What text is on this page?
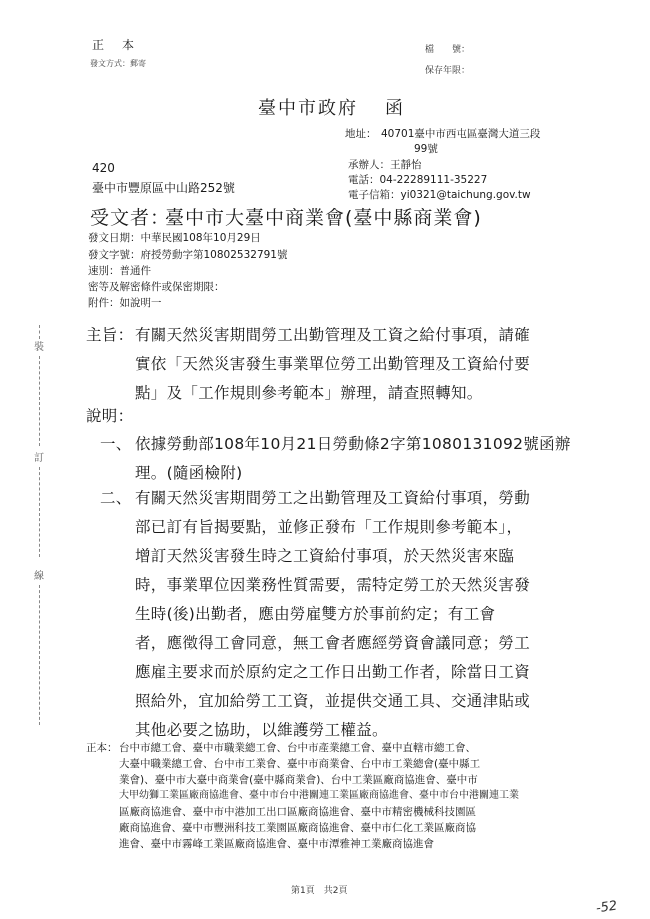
正　本
發文方式：郵寄
檔　　號：
保存年限：
臺中市政府 函
地址： 40701臺中市西屯區臺灣大道三段
99號
承辦人：王靜怡
電話：04-22289111-35227
電子信箱：yi0321@taichung.gov.tw
420
臺中市豐原區中山路252號
受文者：
臺中市大臺中商業會(臺中縣商業會)
發文日期：中華民國108年10月29日
發文字號：府授勞動字第10802532791號
速別：普通件
密等及解密條件或保密期限：
附件：如說明一
裝
訂
線
主旨： 有關天然災害期間勞工出勤管理及工資之給付事項，請確
實依「天然災害發生事業單位勞工出勤管理及工資給付要
點」及「工作規則參考範本」辦理，請查照轉知。
說明：
一、 依據勞動部108年10月21日勞動條2字第1080131092號函辦
理。(隨函檢附)
二、 有關天然災害期間勞工之出勤管理及工資給付事項，勞動
部已訂有旨揭要點，並修正發布「工作規則參考範本」，
增訂天然災害發生時之工資給付事項，於天然災害來臨
時，事業單位因業務性質需要，需特定勞工於天然災害發
生時(後)出勤者，應由勞雇雙方於事前約定；有工會
者，應徵得工會同意，無工會者應經勞資會議同意；勞工
應雇主要求而於原約定之工作日出勤工作者，除當日工資
照給外，宜加給勞工工資，並提供交通工具、交通津貼或
其他必要之協助，以維護勞工權益。
正本： 台中市總工會、臺中市職業總工會、台中市產業總工會、臺中直轄市總工會、
大臺中職業總工會、台中市工業會、臺中市商業會、台中市工業總會(臺中縣工
業會)、臺中市大臺中商業會(臺中縣商業會)、台中工業區廠商協進會、臺中市
大甲幼獅工業區廠商協進會、臺中市台中港關連工業區廠商協進會、臺中市台中港關連工業
區廠商協進會、臺中市中港加工出口區廠商協進會、臺中市精密機械科技園區
廠商協進會、臺中市豐洲科技工業園區廠商協進會、臺中市仁化工業區廠商協
進會、臺中市霧峰工業區廠商協進會、臺中市潭雅神工業廠商協進會
第1頁　共2頁
-52
